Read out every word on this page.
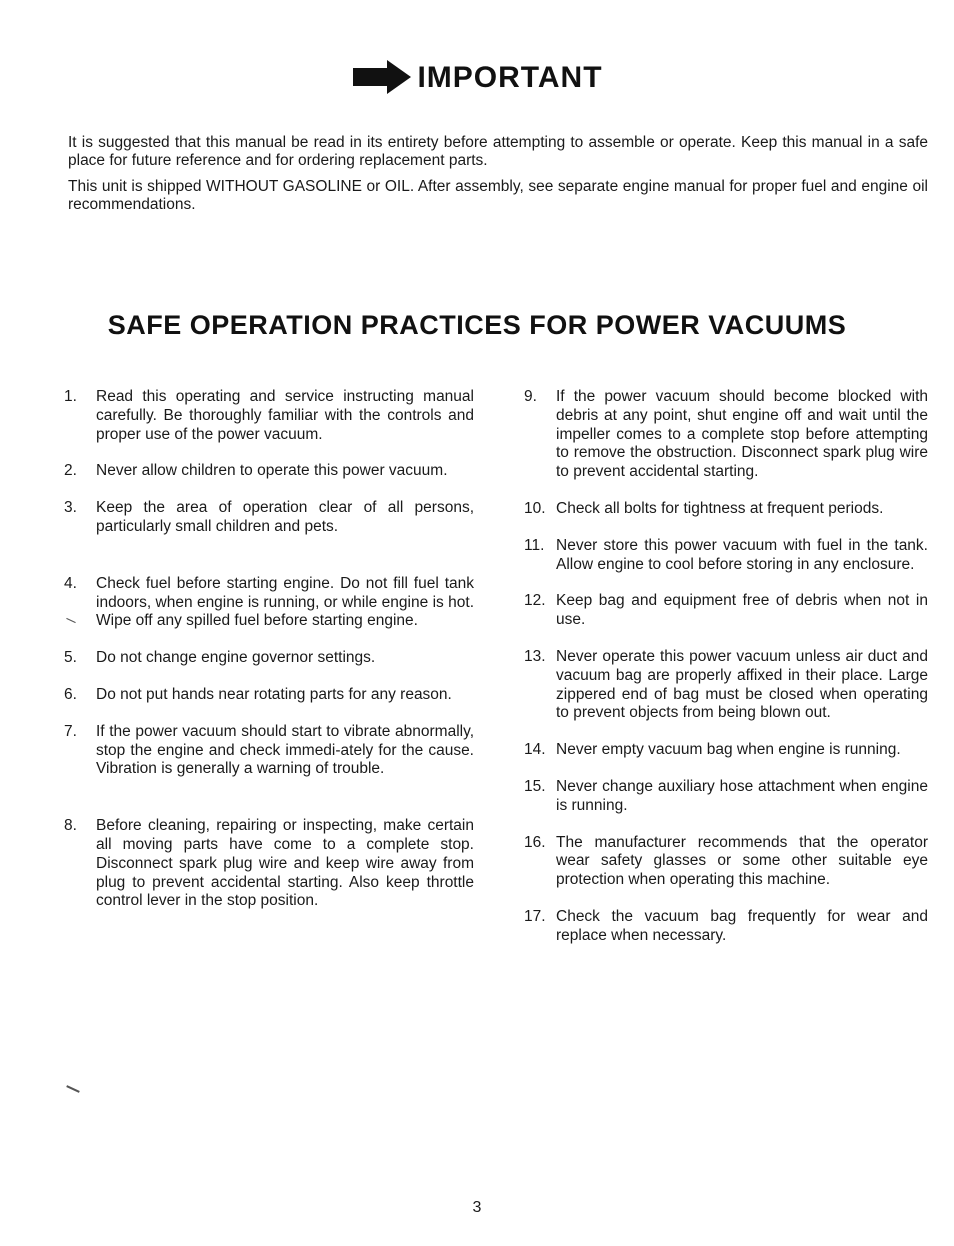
IMPORTANT

It is suggested that this manual be read in its entirety before attempting to assemble or operate. Keep this manual in a safe place for future reference and for ordering replacement parts.

This unit is shipped WITHOUT GASOLINE or OIL. After assembly, see separate engine manual for proper fuel and engine oil recommendations.

SAFE OPERATION PRACTICES FOR POWER VACUUMS
1.	Read this operating and service instructing manual carefully. Be thoroughly familiar with the controls and proper use of the power vacuum.
2.	Never allow children to operate this power vacuum.
3.	Keep the area of operation clear of all persons, particularly small children and pets.
4.	Check fuel before starting engine. Do not fill fuel tank indoors, when engine is running, or while engine is hot. Wipe off any spilled fuel before starting engine.
5.	Do not change engine governor settings.
6.	Do not put hands near rotating parts for any reason.
7.	If the power vacuum should start to vibrate abnormally, stop the engine and check immedi-ately for the cause. Vibration is generally a warning of trouble.
8.	Before cleaning, repairing or inspecting, make certain all moving parts have come to a complete stop. Disconnect spark plug wire and keep wire away from plug to prevent accidental starting. Also keep throttle control lever in the stop position.
9.	If the power vacuum should become blocked with debris at any point, shut engine off and wait until the impeller comes to a complete stop before attempting to remove the obstruction. Disconnect spark plug wire to prevent accidental starting.
10. Check all bolts for tightness at frequent periods.
11. Never store this power vacuum with fuel in the tank. Allow engine to cool before storing in any enclosure.
12. Keep bag and equipment free of debris when not in use.
13. Never operate this power vacuum unless air duct and vacuum bag are properly affixed in their place. Large zippered end of bag must be closed when operating to prevent objects from being blown out.
14. Never empty vacuum bag when engine is running.
15. Never change auxiliary hose attachment when engine is running.
16. The manufacturer recommends that the operator wear safety glasses or some other suitable eye protection when operating this machine.
17. Check the vacuum bag frequently for wear and replace when necessary.
3
